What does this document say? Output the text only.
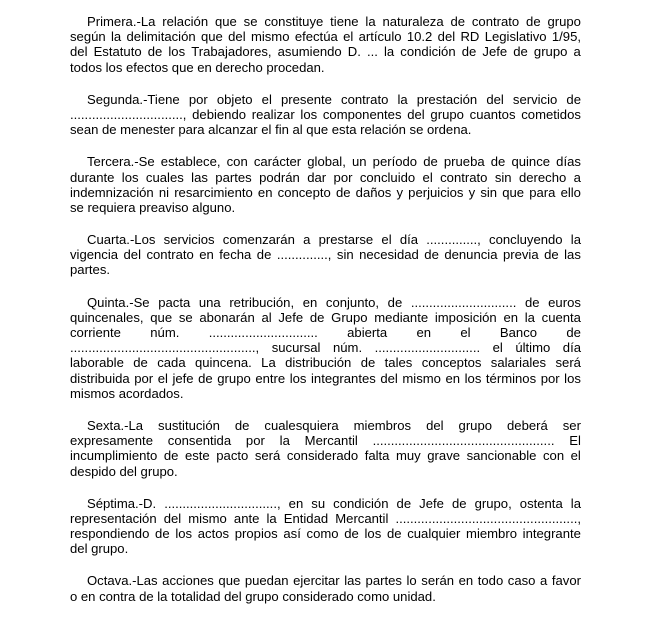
Primera.-La relación que se constituye tiene la naturaleza de contrato de grupo
según la delimitación que del mismo efectúa el artículo 10.2 del RD Legislativo 1/95,
del Estatuto de los Trabajadores, asumiendo D. ... la condición de Jefe de grupo a
todos los efectos que en derecho procedan.
Segunda.-Tiene por objeto el presente contrato la prestación del servicio de
..............................., debiendo realizar los componentes del grupo cuantos cometidos
sean de menester para alcanzar el fin al que esta relación se ordena.
Tercera.-Se establece, con carácter global, un período de prueba de quince días
durante los cuales las partes podrán dar por concluido el contrato sin derecho a
indemnización ni resarcimiento en concepto de daños y perjuicios y sin que para ello
se requiera preaviso alguno.
Cuarta.-Los servicios comenzarán a prestarse el día .............., concluyendo la
vigencia del contrato en fecha de .............., sin necesidad de denuncia previa de las
partes.
Quinta.-Se pacta una retribución, en conjunto, de ............................. de euros
quincenales, que se abonarán al Jefe de Grupo mediante imposición en la cuenta
corriente núm. .............................. abierta en el Banco de
..................................................., sucursal núm. ............................. el último día
laborable de cada quincena. La distribución de tales conceptos salariales será
distribuida por el jefe de grupo entre los integrantes del mismo en los términos por los
mismos acordados.
Sexta.-La sustitución de cualesquiera miembros del grupo deberá ser
expresamente consentida por la Mercantil .................................................. El
incumplimiento de este pacto será considerado falta muy grave sancionable con el
despido del grupo.
Séptima.-D. ..............................., en su condición de Jefe de grupo, ostenta la
representación del mismo ante la Entidad Mercantil ..................................................,
respondiendo de los actos propios así como de los de cualquier miembro integrante
del grupo.
Octava.-Las acciones que puedan ejercitar las partes lo serán en todo caso a favor
o en contra de la totalidad del grupo considerado como unidad.
